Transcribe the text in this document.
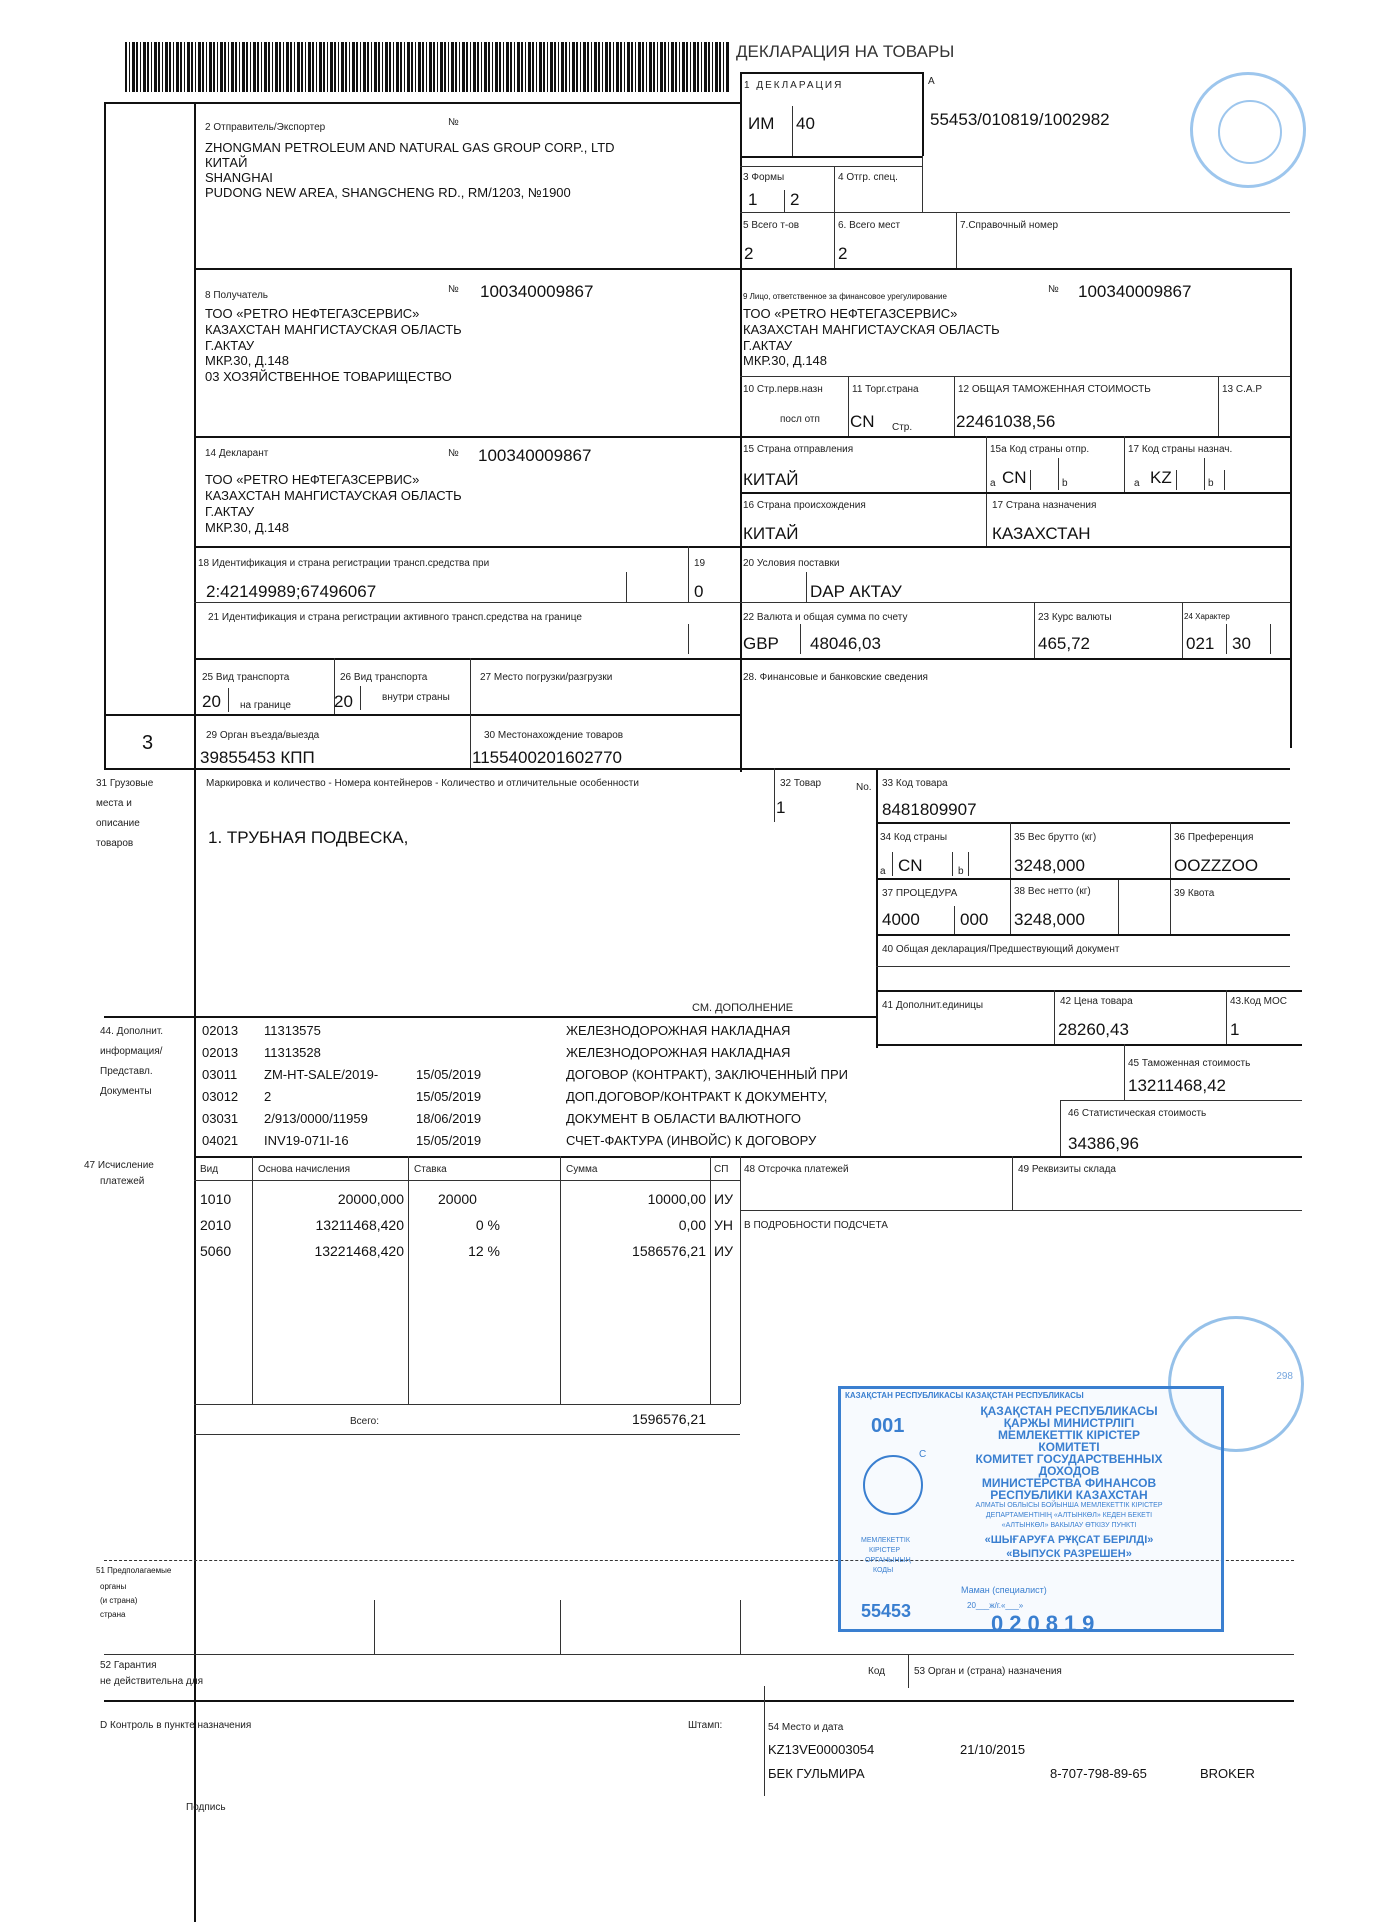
ДЕКЛАРАЦИЯ НА ТОВАРЫ
1 ДЕКЛАРАЦИЯ	A
ИМ 40	55453/010819/1002982
2 Отправитель/Экспортер	№
ZHONGMAN PETROLEUM AND NATURAL GAS GROUP CORP., LTD
КИТАЙ
SHANGHAI
PUDONG NEW AREA, SHANGCHENG RD., RM/1203, №1900
3 Формы
1 2
4 Отгр. спец.
5 Всего т-ов
2
6. Всего мест
2
7.Справочный номер
8 Получатель
№ 100340009867
ТОО «PETRO НЕФТЕГАЗСЕРВИС»
КАЗАХСТАН МАНГИСТАУСКАЯ ОБЛАСТЬ
Г.АКТАУ
МКР.30, Д.148
03 ХОЗЯЙСТВЕННОЕ ТОВАРИЩЕСТВО
9 Лицо, ответственное за финансовое урегулирование
№ 100340009867
ТОО «PETRO НЕФТЕГАЗСЕРВИС»
КАЗАХСТАН МАНГИСТАУСКАЯ ОБЛАСТЬ
Г.АКТАУ
МКР.30, Д.148
10 Стр.перв.назн
посл отп
11 Торг.страна
CN Стр.
12 ОБЩАЯ ТАМОЖЕННАЯ СТОИМОСТЬ
22461038,56
13 С.А.Р
14 Декларант	№ 100340009867
ТОО «PETRO НЕФТЕГАЗСЕРВИС»
КАЗАХСТАН МАНГИСТАУСКАЯ ОБЛАСТЬ
Г.АКТАУ
МКР.30, Д.148
15 Страна отправления
КИТАЙ
15а Код страны отпр.
a CN	b
17 Код страны назнач.
a KZ	b
16 Страна происхождения
КИТАЙ
17 Страна назначения
КАЗАХСТАН
18 Идентификация и страна регистрации трансп.средства при
2:42149989;67496067
19
0
20 Условия поставки
DAP АКТАУ
21 Идентификация и страна регистрации активного трансп.средства на границе	22 Валюта и общая сумма по счету
GBP 48046,03
23 Курс валюты
465,72
24 Характер
021 30
25 Вид транспорта
20 на границе
26 Вид транспорта
20	внутри страны
27 Место погрузки/разгрузки	28. Финансовые и банковские сведения
3	29 Орган въезда/выезда
39855453 КПП
30 Местонахождение товаров
1155400201602770
31 Грузовые
места и
описание
товаров
Маркировка и количество - Номера контейнеров - Количество и отличительные особенности
1. ТРУБНАЯ ПОДВЕСКА,
СМ. ДОПОЛНЕНИЕ
32 Товар	No.
1
33 Код товара
8481809907
34 Код страны
a CN	b
35 Вес брутто (кг)
3248,000
36 Преференция
OOZZZOO
37 ПРОЦЕДУРА
4000 000
38 Вес нетто (кг)
3248,000
39 Квота
40 Общая декларация/Предшествующий документ
41 Дополнит.единицы	42 Цена товара
28260,43
43.Код МОС
1
44. Дополнит.
информация/
Представл.
Документы
02013 11313575	ЖЕЛЕЗНОДОРОЖНАЯ НАКЛАДНАЯ
02013 11313528	ЖЕЛЕЗНОДОРОЖНАЯ НАКЛАДНАЯ
03011 ZM-HT-SALE/2019-	15/05/2019	ДОГОВОР (КОНТРАКТ), ЗАКЛЮЧЕННЫЙ ПРИ
03012 2	15/05/2019	ДОП.ДОГОВОР/КОНТРАКТ К ДОКУМЕНТУ,
03031 2/913/0000/11959	18/06/2019	ДОКУМЕНТ В ОБЛАСТИ ВАЛЮТНОГО
04021 INV19-071I-16	15/05/2019	СЧЕТ-ФАКТУРА (ИНВОЙС) К ДОГОВОРУ
45 Таможенная стоимость
13211468,42
46 Статистическая стоимость
34386,96
47 Исчисление
платежей
Вид	Основа начисления	Ставка	Сумма	СП
1010	20000,000 20000	10000,00 ИУ
2010	13211468,420	0 %	0,00 УН
5060	13221468,420	12 %	1586576,21 ИУ
Всего:	1596576,21
48 Отсрочка платежей	49 Реквизиты склада
В ПОДРОБНОСТИ ПОДСЧЕТА
51 Предполагаемые
органы
(и страна)
страна
52 Гарантия
не действительна для
Код	53 Орган и (страна) назначения
D Контроль в пункте назначения	Штамп:	54 Место и дата
KZ13VE00003054	21/10/2015
БЕК ГУЛЬМИРА	8-707-798-89-65	BROKER
Подпись
298
КАЗАҚСТАН РЕСПУБЛИКАСЫ КАЗАҚСТАН РЕСПУБЛИКАСЫ
001
C
МЕМЛЕКЕТТІК
КІРІСТЕР
ОРГАНЫНЫҢ
КОДЫ
55453
ҚАЗАҚСТАН РЕСПУБЛИКАСЫ
ҚАРЖЫ МИНИСТРЛІГІ
МЕМЛЕКЕТТІК КІРІСТЕР
КОМИТЕТІ
КОМИТЕТ ГОСУДАРСТВЕННЫХ
ДОХОДОВ
МИНИСТЕРСТВА ФИНАНСОВ
РЕСПУБЛИКИ КАЗАХСТАН
АЛМАТЫ ОБЛЫСЫ БОЙЫНША МЕМЛЕКЕТТІК КІРІСТЕР
ДЕПАРТАМЕНТІНІҢ «АЛТЫНКӨЛ» КЕДЕН БЕКЕТІ
«АЛТЫНКӨЛ» ВАКЫЛАУ ӨТКІЗУ ПУНКТІ
«ШЫҒАРУҒА РҰҚСАТ БЕРІЛДІ»
«ВЫПУСК РАЗРЕШЕН»
Маман (специалист)
20___ж/г.«___»
020819
